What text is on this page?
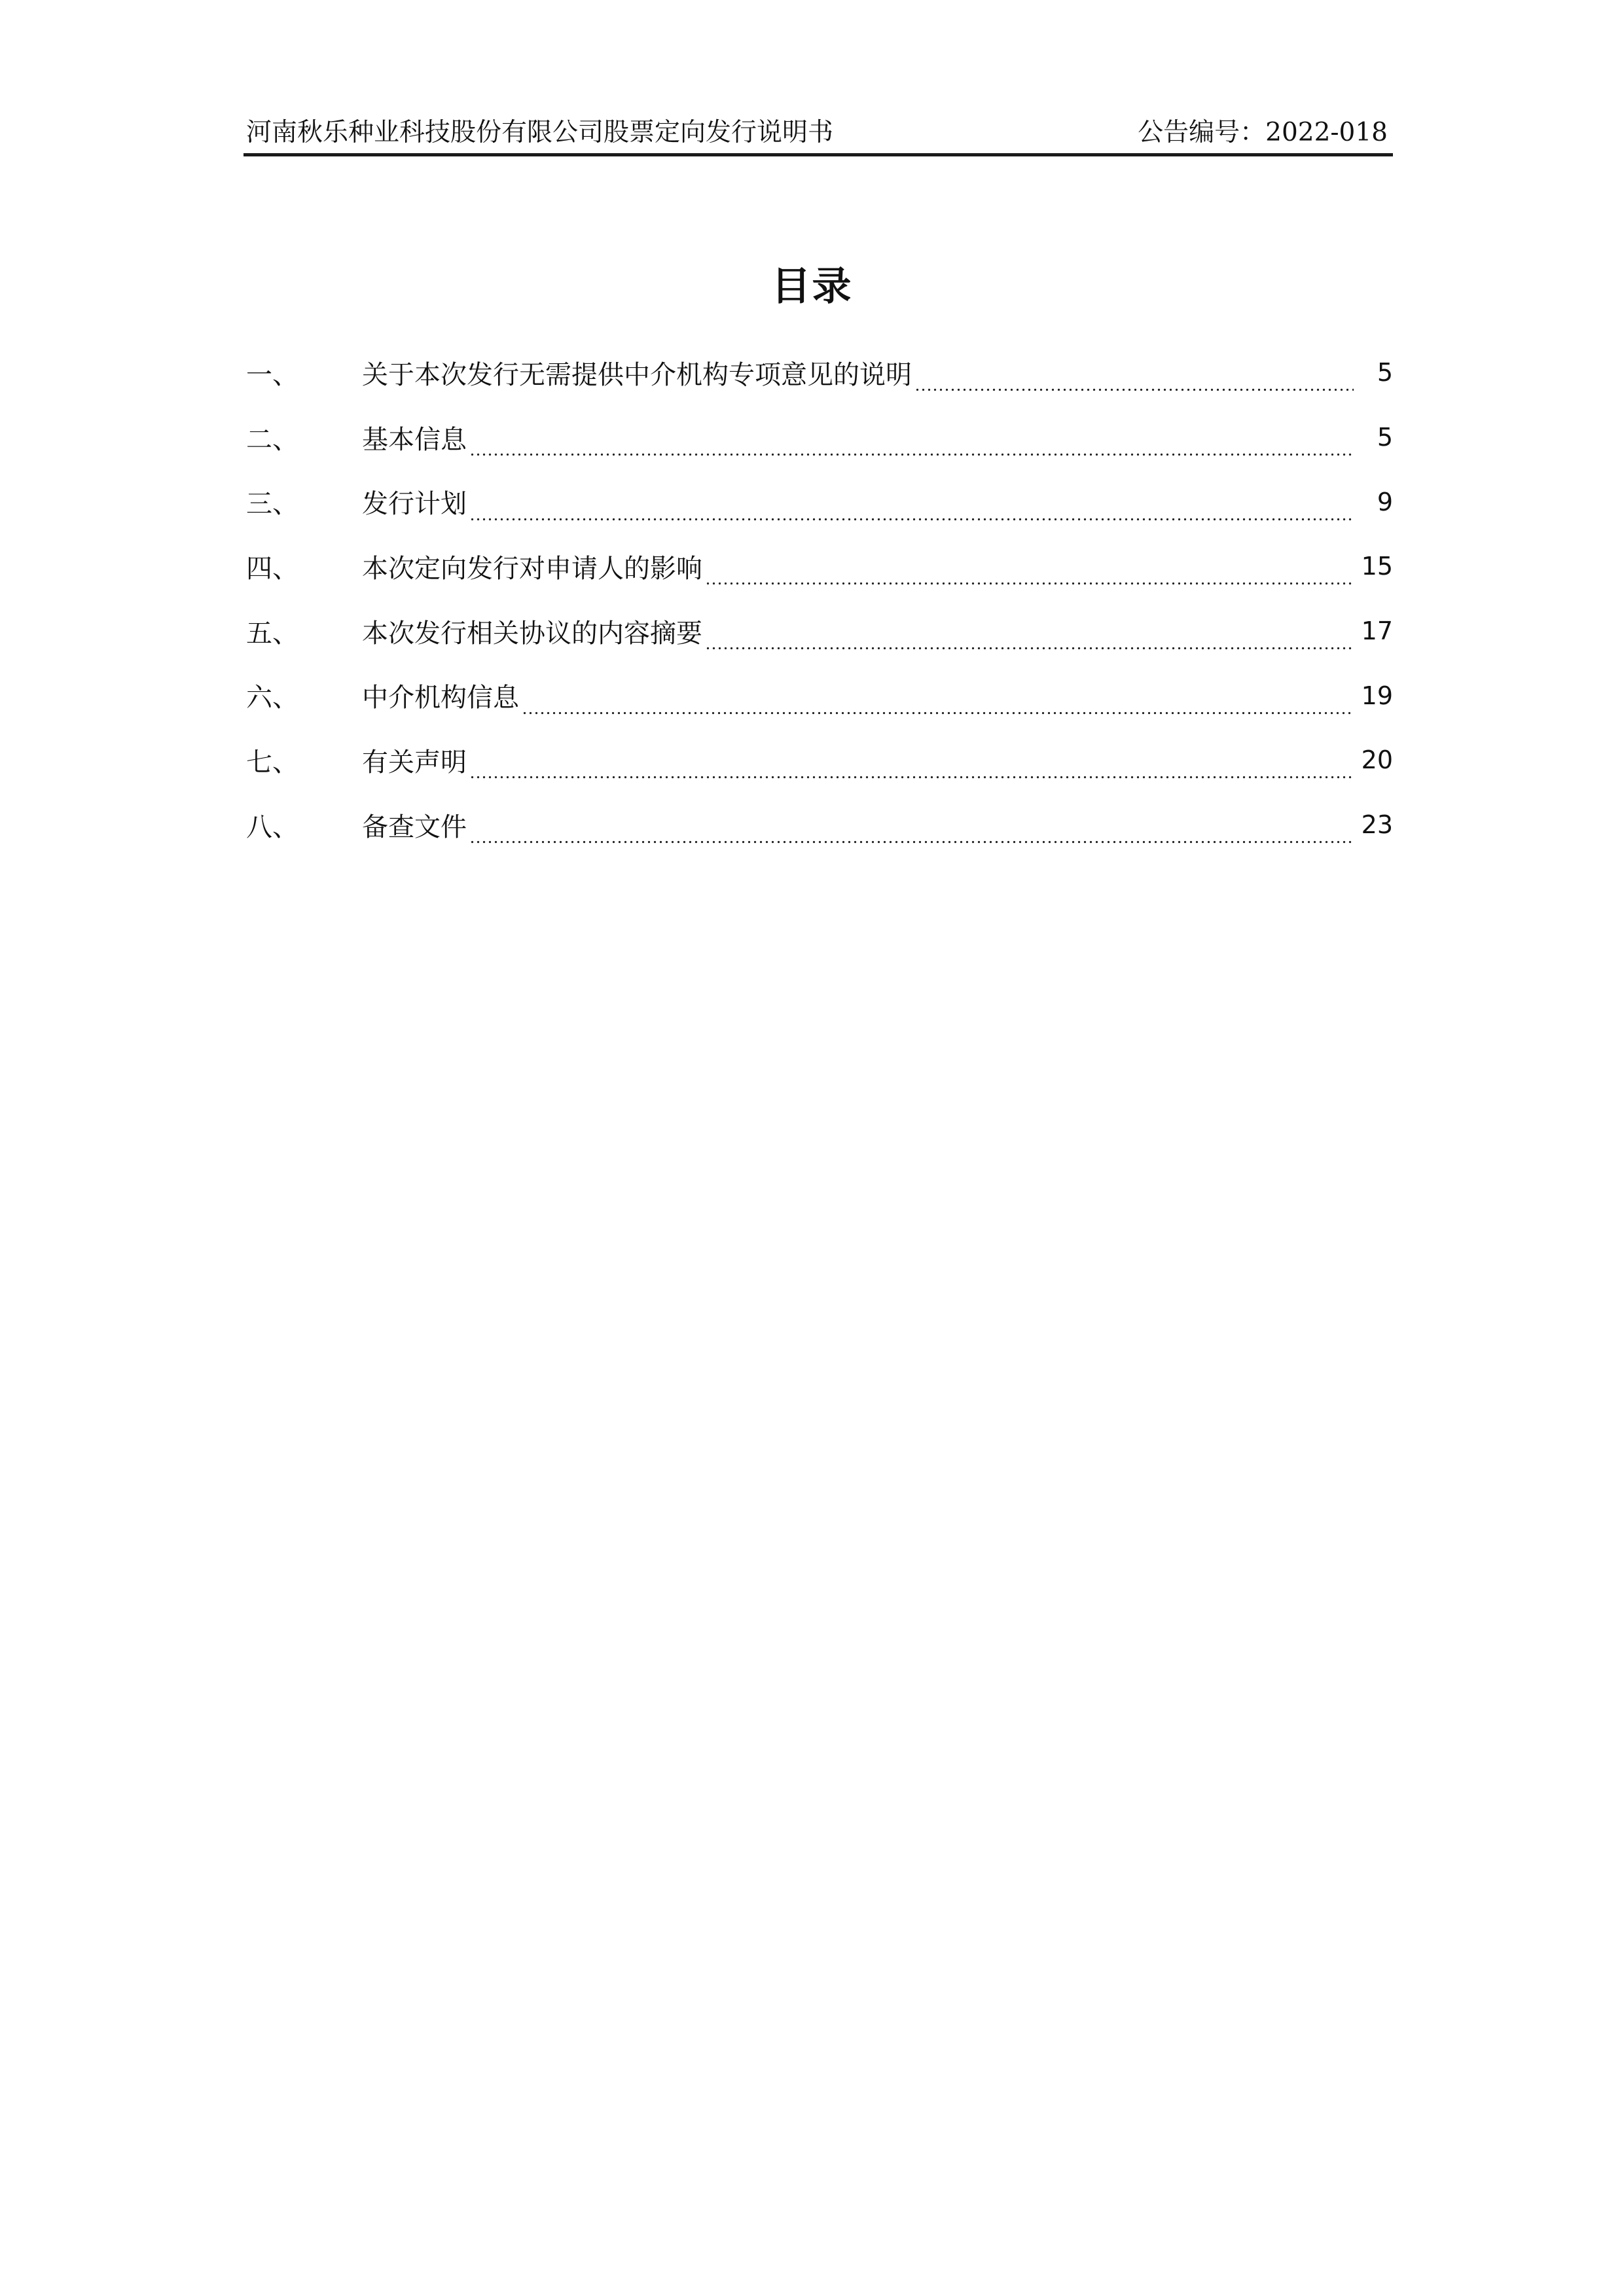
河南秋乐种业科技股份有限公司股票定向发行说明书	公告编号：2022-018
目录
一、	关于本次发行无需提供中介机构专项意见的说明	5
二、	基本信息	5
三、	发行计划	9
四、	本次定向发行对申请人的影响	15
五、	本次发行相关协议的内容摘要	17
六、	中介机构信息	19
七、	有关声明	20
八、	备查文件	23
